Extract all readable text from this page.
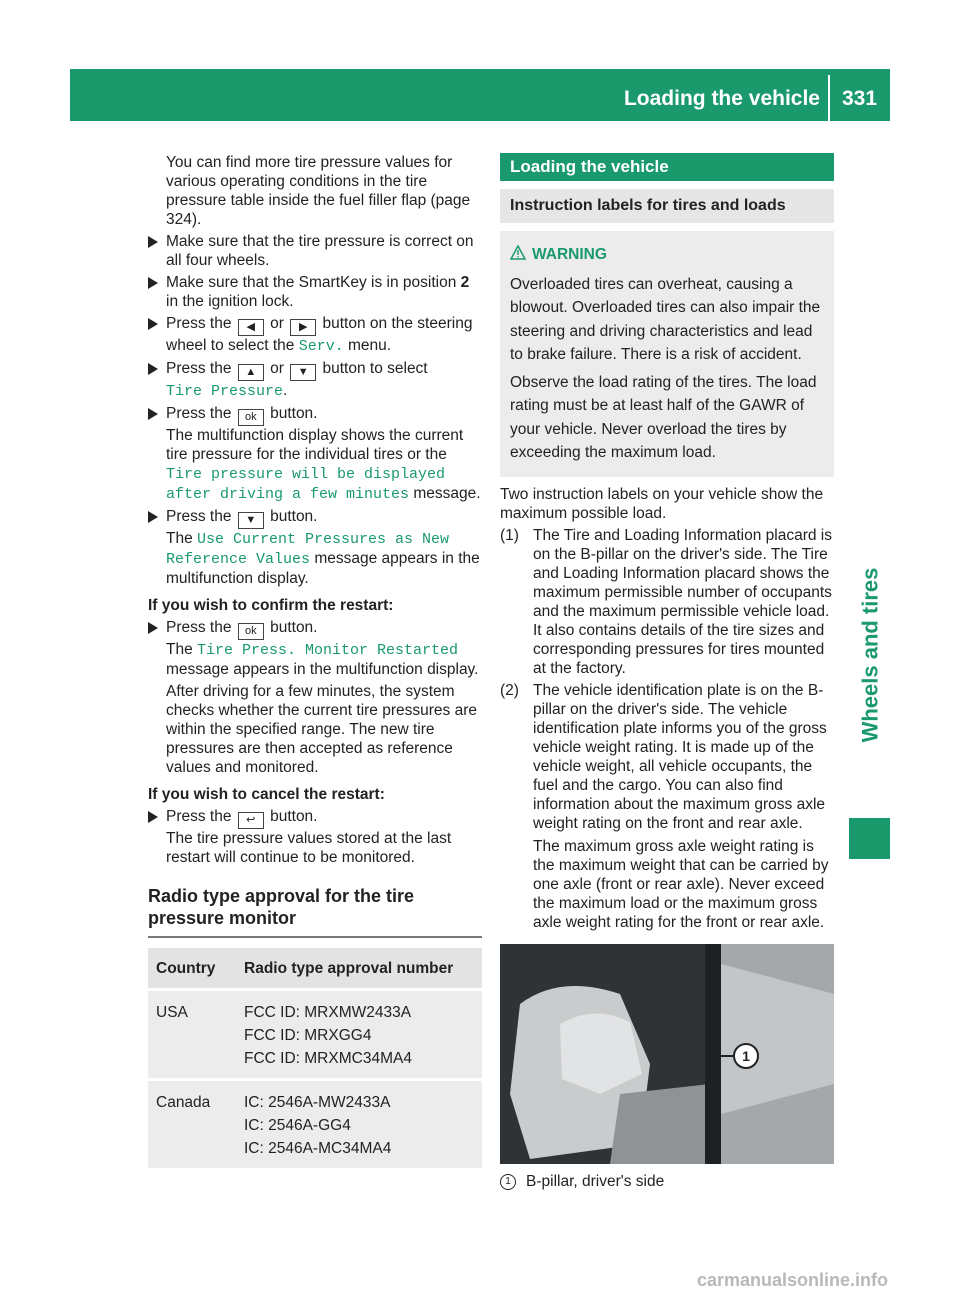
Loading the vehicle 331
Wheels and tires

You can find more tire pressure values for various operating conditions in the tire pressure table inside the fuel filler flap (page 324).

Make sure that the tire pressure is correct on all four wheels.
Make sure that the SmartKey is in position 2 in the ignition lock.
Press the ◀ or ▶ button on the steering wheel to select the Serv. menu.
Press the ▲ or ▼ button to select
Tire Pressure.
Press the ok button.
The multifunction display shows the current tire pressure for the individual tires or the Tire pressure will be displayed after driving a few minutes message.
Press the ▼ button.
The Use Current Pressures as New Reference Values message appears in the multifunction display.

If you wish to confirm the restart:

Press the ok button.
The Tire Press. Monitor Restarted message appears in the multifunction display.

After driving for a few minutes, the system checks whether the current tire pressures are within the specified range. The new tire pressures are then accepted as reference values and monitored.

If you wish to cancel the restart:

Press the ↩ button.
The tire pressure values stored at the last restart will continue to be monitored.
Radio type approval for the tire pressure monitor
Country	Radio type approval number
USA	FCC ID: MRXMW2433A
FCC ID: MRXGG4
FCC ID: MRXMC34MA4

Canada	IC: 2546A-MW2433A
IC: 2546A-GG4
IC: 2546A-MC34MA4
Loading the vehicle
Instruction labels for tires and loads
WARNING

Overloaded tires can overheat, causing a blowout. Overloaded tires can also impair the steering and driving characteristics and lead to brake failure. There is a risk of accident.

Observe the load rating of the tires. The load rating must be at least half of the GAWR of your vehicle. Never overload the tires by exceeding the maximum load.

Two instruction labels on your vehicle show the maximum possible load.

(1) The Tire and Loading Information placard is on the B-pillar on the driver's side. The Tire and Loading Information placard shows the maximum permissible number of occupants and the maximum permissible vehicle load. It also contains details of the tire sizes and corresponding pressures for tires mounted at the factory.
(2) The vehicle identification plate is on the B-pillar on the driver's side. The vehicle identification plate informs you of the gross vehicle weight rating. It is made up of the vehicle weight, all vehicle occupants, the fuel and the cargo. You can also find information about the maximum gross axle weight rating on the front and rear axle.

The maximum gross axle weight rating is the maximum weight that can be carried by one axle (front or rear axle). Never exceed the maximum load or the maximum gross axle weight rating for the front or rear axle.

1
1 B-pillar, driver's side
carmanualsonline.info
